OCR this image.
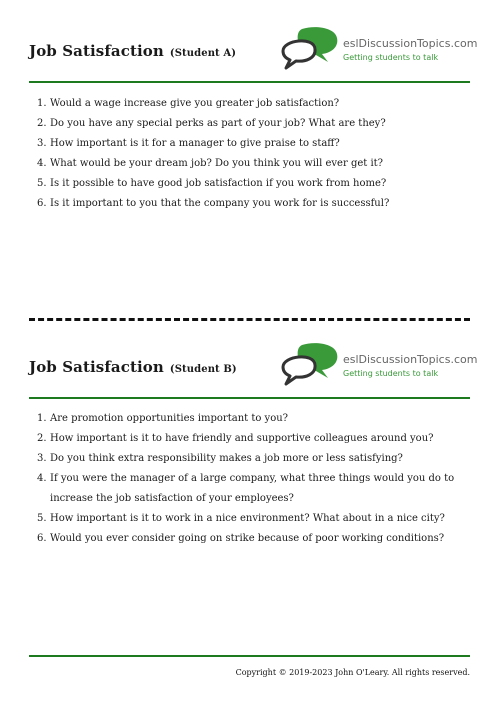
Job Satisfaction (Student A)
eslDiscussionTopics.com
Getting students to talk
1. Would a wage increase give you greater job satisfaction?
2. Do you have any special perks as part of your job? What are they?
3. How important is it for a manager to give praise to staff?
4. What would be your dream job? Do you think you will ever get it?
5. Is it possible to have good job satisfaction if you work from home?
6. Is it important to you that the company you work for is successful?
Job Satisfaction (Student B)
eslDiscussionTopics.com
Getting students to talk
1. Are promotion opportunities important to you?
2. How important is it to have friendly and supportive colleagues around you?
3. Do you think extra responsibility makes a job more or less satisfying?
4. If you were the manager of a large company, what three things would you do to
increase the job satisfaction of your employees?
5. How important is it to work in a nice environment? What about in a nice city?
6. Would you ever consider going on strike because of poor working conditions?
Copyright © 2019-2023 John O'Leary. All rights reserved.
